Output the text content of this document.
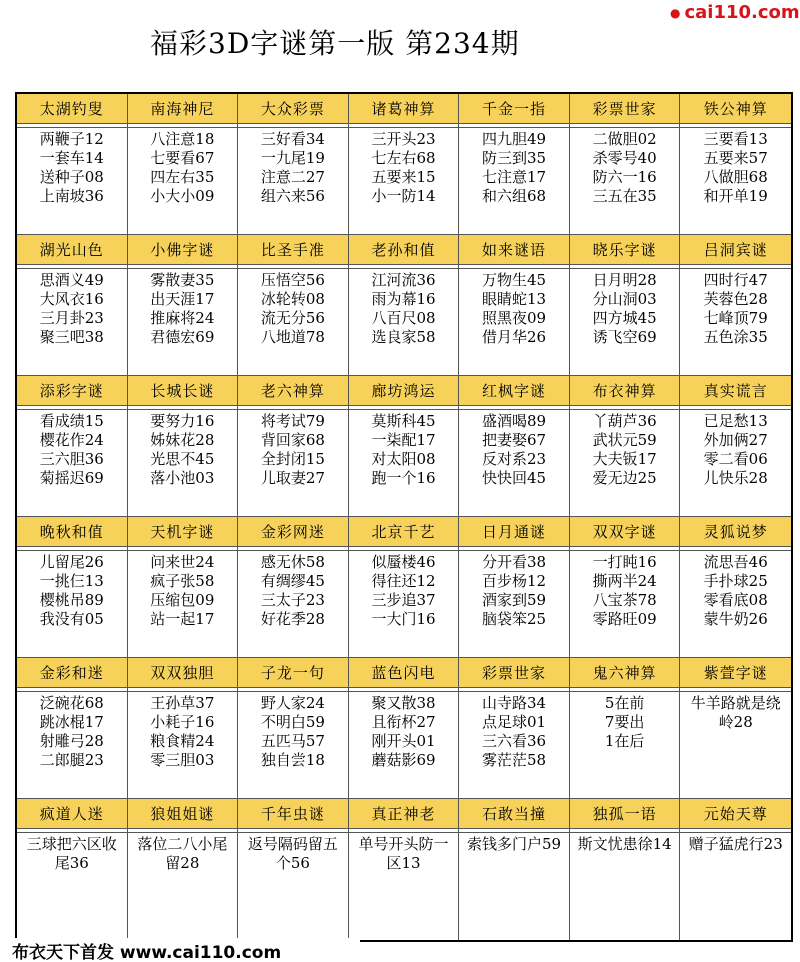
福彩3D字谜第一版 第234期
● cai110.com
太湖钓叟
两鞭子12
一套车14
送种子08
上南坡36
南海神尼
八注意18
七要看67
四左右35
小大小09
大众彩票
三好看34
一九尾19
注意二27
组六来56
诸葛神算
三开头23
七左右68
五要来15
小一防14
千金一指
四九胆49
防三到35
七注意17
和六组68
彩票世家
二做胆02
杀零号40
防六一16
三五在35
铁公神算
三要看13
五要来57
八做胆68
和开单19
湖光山色
思酒义49
大风衣16
三月卦23
聚三吧38
小佛字谜
雾散妻35
出天涯17
推麻将24
君德宏69
比圣手准
压悟空56
冰轮转08
流无分56
八地道78
老孙和值
江河流36
雨为幕16
八百尺08
选良家58
如来谜语
万物生45
眼睛蛇13
照黑夜09
借月华26
晓乐字谜
日月明28
分山洞03
四方城45
诱飞空69
吕洞宾谜
四时行47
芙蓉色28
七峰顶79
五色涂35
添彩字谜
看成绩15
樱花作24
三六胆36
菊摇迟69
长城长谜
要努力16
姊妹花28
光思不45
落小池03
老六神算
将考试79
背回家68
全封闭15
儿取妻27
廊坊鸿运
莫斯科45
一柒配17
对太阳08
跑一个16
红枫字谜
盛酒喝89
把妻娶67
反对系23
快快回45
布衣神算
丫葫芦36
武状元59
大夫钣17
爱无边25
真实谎言
已足愁13
外加俩27
零二看06
儿快乐28
晚秋和值
儿留尾26
一挑仨13
樱桃吊89
我没有05
天机字谜
问来世24
疯子张58
压缩包09
站一起17
金彩网迷
感无休58
有绸缪45
三太子23
好花季28
北京千艺
似蜃楼46
得往还12
三步追37
一大门16
日月通谜
分开看38
百步杨12
酒家到59
脑袋笨25
双双字谜
一打盹16
撕两半24
八宝茶78
零路旺09
灵狐说梦
流思吾46
手扑球25
零看底08
蒙牛奶26
金彩和迷
泛碗花68
跳冰棍17
射雕弓28
二郎腿23
双双独胆
王孙草37
小耗子16
粮食精24
零三胆03
子龙一句
野人家24
不明白59
五匹马57
独自尝18
蓝色闪电
聚又散38
且衔杯27
刚开头01
蘑菇影69
彩票世家
山寺路34
点足球01
三六看36
雾茫茫58
鬼六神算
5在前
7要出
1在后
紫萱字谜
牛羊路就是绕岭28
疯道人迷
三球把六区收尾36
狼姐姐谜
落位二八小尾留28
千年虫谜
返号隔码留五个56
真正神老
单号开头防一区13
石敢当撞
索钱多门户59
独孤一语
斯文忧患徐14
元始天尊
赠子猛虎行23
布衣天下首发 www.cai110.com
